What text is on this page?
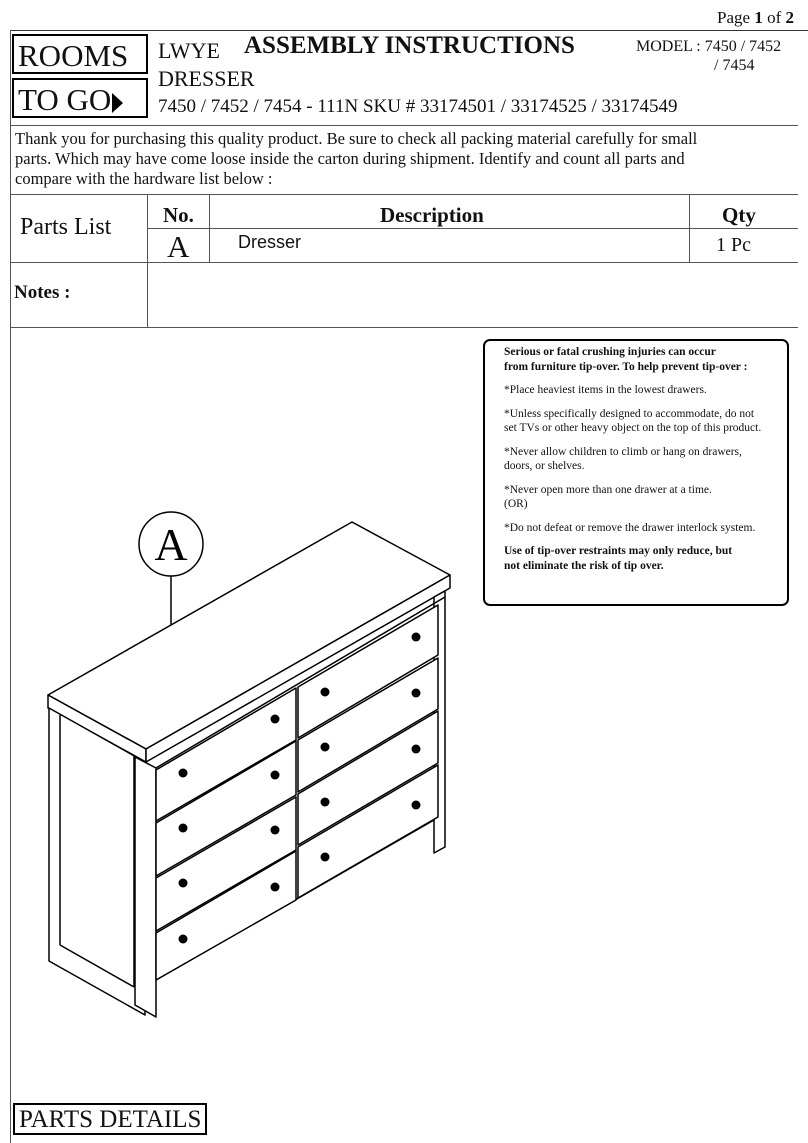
Page 1 of 2
ROOMS
TO GO
LWYE
DRESSER
ASSEMBLY INSTRUCTIONS	MODEL : 7450 / 7452
/ 7454
7450 / 7452 / 7454 - 111N SKU # 33174501 / 33174525 / 33174549
Thank you for purchasing this quality product. Be sure to check all packing material carefully for small
parts. Which may have come loose inside the carton during shipment. Identify and count all parts and
compare with the hardware list below :
Parts List No.	Description	Qty
A	Dresser	1 Pc
Notes :

Serious or fatal crushing injuries can occur
from furniture tip-over. To help prevent tip-over :

*Place heaviest items in the lowest drawers.

*Unless specifically designed to accommodate, do not
set TVs or other heavy object on the top of this product.

*Never allow children to climb or hang on drawers,
doors, or shelves.

*Never open more than one drawer at a time.
(OR)

*Do not defeat or remove the drawer interlock system.

Use of tip-over restraints may only reduce, but
not eliminate the risk of tip over.

A
PARTS DETAILS
